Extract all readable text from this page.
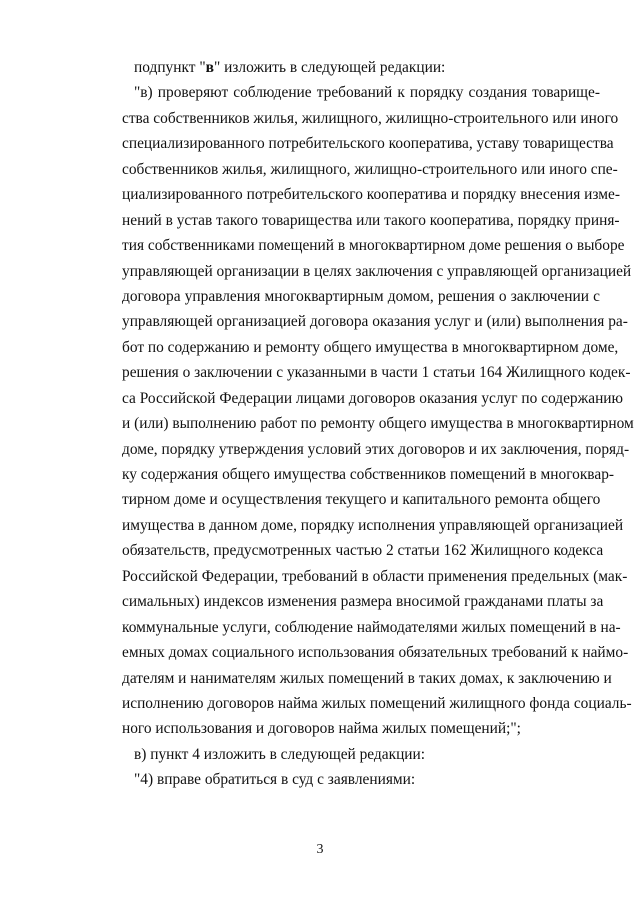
подпункт "в" изложить в следующей редакции:
"в) проверяют соблюдение требований к порядку создания товарище-
ства собственников жилья, жилищного, жилищно-строительного или иного
специализированного потребительского кооператива, уставу товарищества
собственников жилья, жилищного, жилищно-строительного или иного спе-
циализированного потребительского кооператива и порядку внесения изме-
нений в устав такого товарищества или такого кооператива, порядку приня-
тия собственниками помещений в многоквартирном доме решения о выборе
управляющей организации в целях заключения с управляющей организацией
договора управления многоквартирным домом, решения о заключении с
управляющей организацией договора оказания услуг и (или) выполнения ра-
бот по содержанию и ремонту общего имущества в многоквартирном доме,
решения о заключении с указанными в части 1 статьи 164 Жилищного кодек-
са Российской Федерации лицами договоров оказания услуг по содержанию
и (или) выполнению работ по ремонту общего имущества в многоквартирном
доме, порядку утверждения условий этих договоров и их заключения, поряд-
ку содержания общего имущества собственников помещений в многоквар-
тирном доме и осуществления текущего и капитального ремонта общего
имущества в данном доме, порядку исполнения управляющей организацией
обязательств, предусмотренных частью 2 статьи 162 Жилищного кодекса
Российской Федерации, требований в области применения предельных (мак-
симальных) индексов изменения размера вносимой гражданами платы за
коммунальные услуги, соблюдение наймодателями жилых помещений в на-
емных домах социального использования обязательных требований к наймо-
дателям и нанимателям жилых помещений в таких домах, к заключению и
исполнению договоров найма жилых помещений жилищного фонда социаль-
ного использования и договоров найма жилых помещений;";
в) пункт 4 изложить в следующей редакции:
"4) вправе обратиться в суд с заявлениями:
3
